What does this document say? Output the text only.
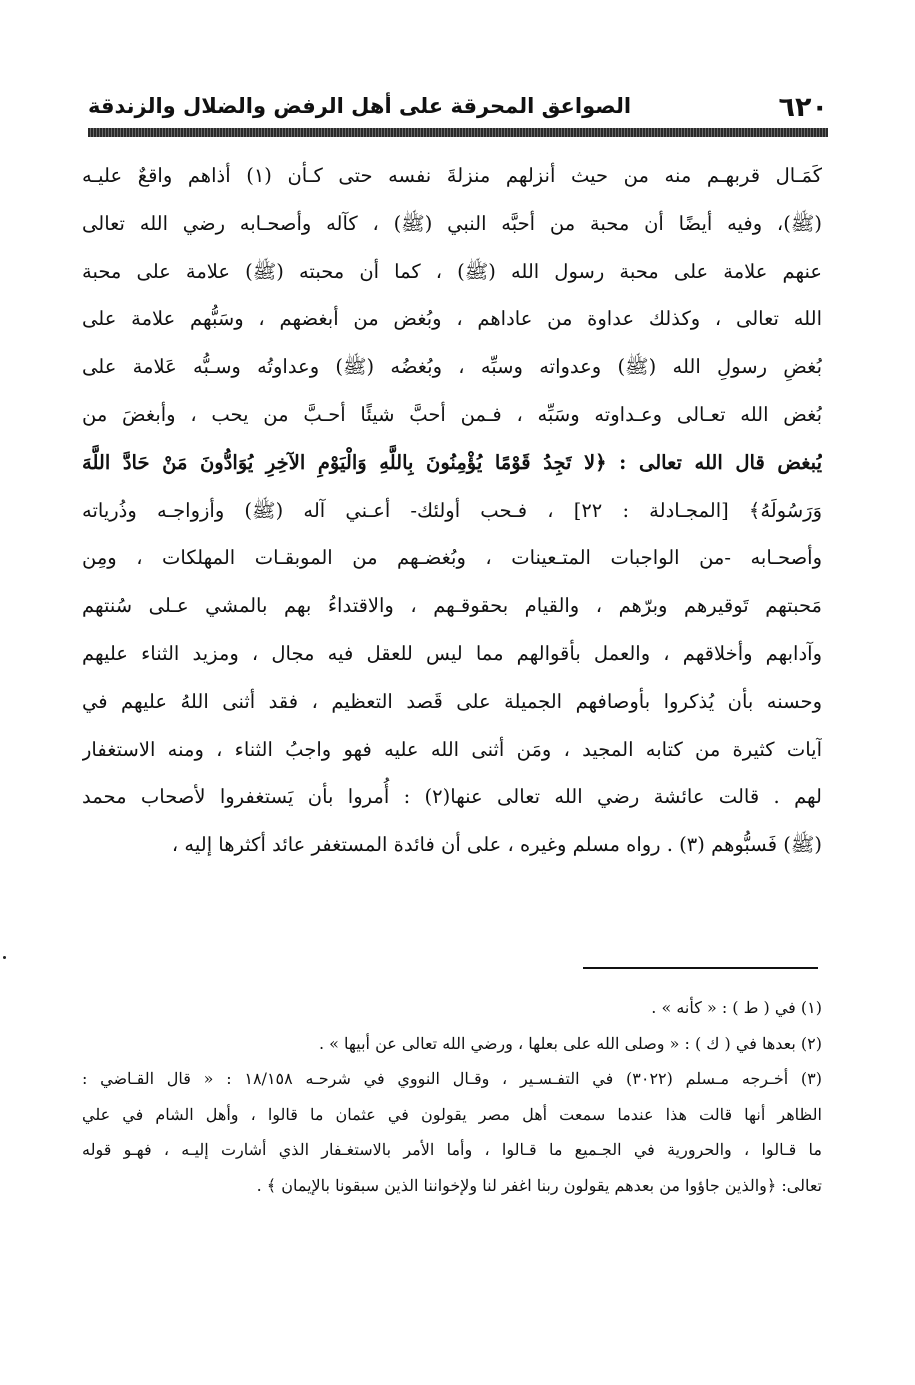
٦٢٠
الصواعق المحرقة على أهل الرفض والضلال والزندقة
كَمَـال قربهـم منه من حيث أنزلهم منزلةَ نفسه حتى كـأن (١) أذاهم واقعٌ عليـه
(ﷺ)، وفيه أيضًا أن محبة من أحبَّه النبي (ﷺ) ، كآله وأصحـابه رضي الله تعالى
عنهم علامة على محبة رسول الله (ﷺ) ، كما أن محبته (ﷺ) علامة على محبة
الله تعالى ، وكذلك عداوة من عاداهم ، وبُغض من أبغضهم ، وسَبُّهم علامة على
بُغضِ رسولِ الله (ﷺ) وعدواته وسبِّه ، وبُغضُه (ﷺ) وعداوتُه وسـبُّه عَلامة على
بُغض الله تعـالى وعـداوته وسَبِّه ، فـمن أحبَّ شيئًا أحـبَّ من يحب ، وأبغضَ من
يُبغض قال الله تعالى : ﴿لا تَجِدُ قَوْمًا يُؤْمِنُونَ بِاللَّهِ وَالْيَوْمِ الآخِرِ يُوَادُّونَ مَنْ حَادَّ اللَّهَ
وَرَسُولَهُ﴾ [المجـادلة : ٢٢] ، فـحب أولئك- أعـني آله (ﷺ) وأزواجـه وذُرياته
وأصحـابه -من الواجبات المتـعينات ، وبُغضـهم من الموبقـات المهلكات ، ومِن
مَحبتهم تَوقيرهم وبرّهم ، والقيام بحقوقـهم ، والاقتداءُ بهم بالمشي عـلى سُنتهم
وآدابهم وأخلاقهم ، والعمل بأقوالهم مما ليس للعقل فيه مجال ، ومزيد الثناء عليهم
وحسنه بأن يُذكروا بأوصافهم الجميلة على قَصد التعظيم ، فقد أثنى اللهُ عليهم في
آيات كثيرة من كتابه المجيد ، ومَن أثنى الله عليه فهو واجبُ الثناء ، ومنه الاستغفار
لهم . قالت عائشة رضي الله تعالى عنها(٢) : أُمروا بأن يَستغفروا لأصحاب محمد
(ﷺ) فَسبُّوهم (٣) . رواه مسلم وغيره ، على أن فائدة المستغفر عائد أكثرها إليه ،
(١) في ( ط ) : « كأنه » .
(٢) بعدها في ( ك ) : « وصلى الله على بعلها ، ورضي الله تعالى عن أبيها » .
(٣) أخـرجه مـسلم (٣٠٢٢) في التفـسـير ، وقـال النووي في شرحـه ١٨/١٥٨ : « قال القـاضي :
الظاهر أنها قالت هذا عندما سمعت أهل مصر يقولون في عثمان ما قالوا ، وأهل الشام في علي
ما قـالوا ، والحرورية في الجـميع ما قـالوا ، وأما الأمر بالاستغـفار الذي أشارت إليـه ، فهـو قوله
تعالى: ﴿والذين جاؤوا من بعدهم يقولون ربنا اغفر لنا ولإخواننا الذين سبقونا بالإيمان ﴾ .
